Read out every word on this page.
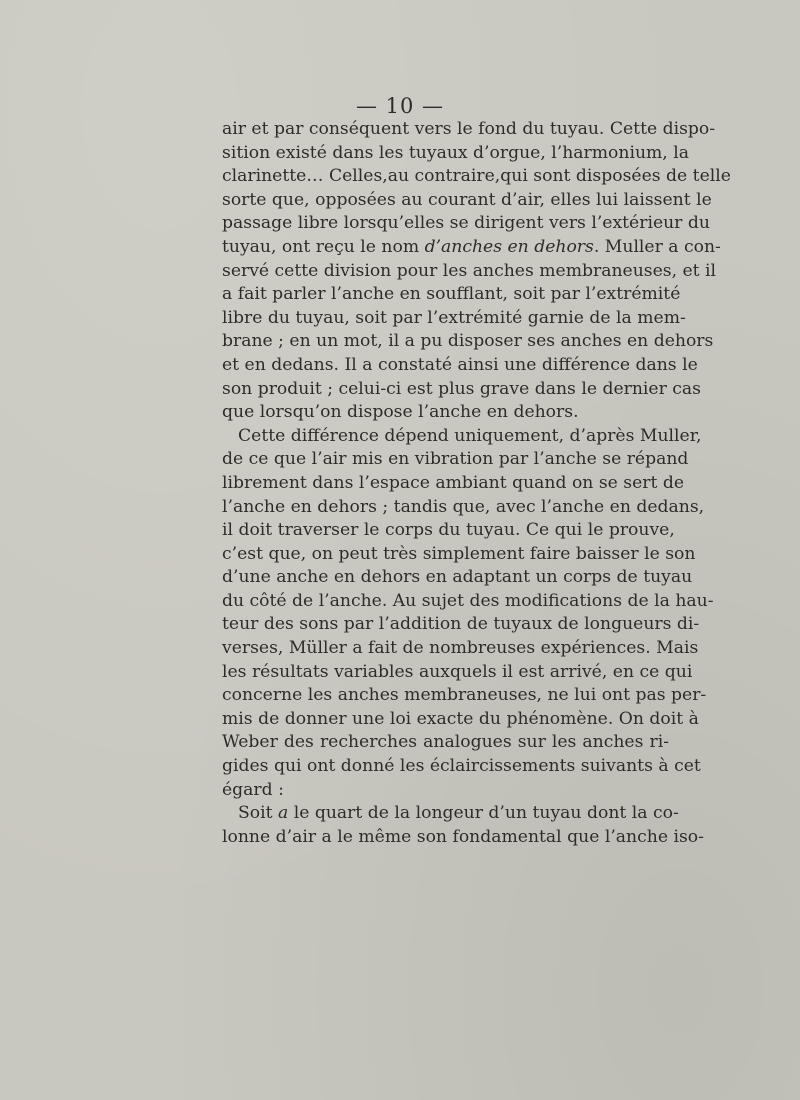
— 10 —
air et par conséquent vers le fond du tuyau. Cette dispo-
sition existé dans les tuyaux d’orgue, l’harmonium, la
clarinette… Celles,au contraire,qui sont disposées de telle
sorte que, opposées au courant d’air, elles lui laissent le
passage libre lorsqu’elles se dirigent vers l’extérieur du
tuyau, ont reçu le nom d’anches en dehors. Muller a con-
servé cette division pour les anches membraneuses, et il
a fait parler l’anche en soufflant, soit par l’extrémité
libre du tuyau, soit par l’extrémité garnie de la mem-
brane ; en un mot, il a pu disposer ses anches en dehors
et en dedans. Il a constaté ainsi une différence dans le
son produit ; celui-ci est plus grave dans le dernier cas
que lorsqu’on dispose l’anche en dehors.
Cette différence dépend uniquement, d’après Muller,
de ce que l’air mis en vibration par l’anche se répand
librement dans l’espace ambiant quand on se sert de
l’anche en dehors ; tandis que, avec l’anche en dedans,
il doit traverser le corps du tuyau. Ce qui le prouve,
c’est que, on peut très simplement faire baisser le son
d’une anche en dehors en adaptant un corps de tuyau
du côté de l’anche. Au sujet des modifications de la hau-
teur des sons par l’addition de tuyaux de longueurs di-
verses, Müller a fait de nombreuses expériences. Mais
les résultats variables auxquels il est arrivé, en ce qui
concerne les anches membraneuses, ne lui ont pas per-
mis de donner une loi exacte du phénomène. On doit à
Weber des recherches analogues sur les anches ri-
gides qui ont donné les éclaircissements suivants à cet
égard :
Soit a le quart de la longeur d’un tuyau dont la co-
lonne d’air a le même son fondamental que l’anche iso-
